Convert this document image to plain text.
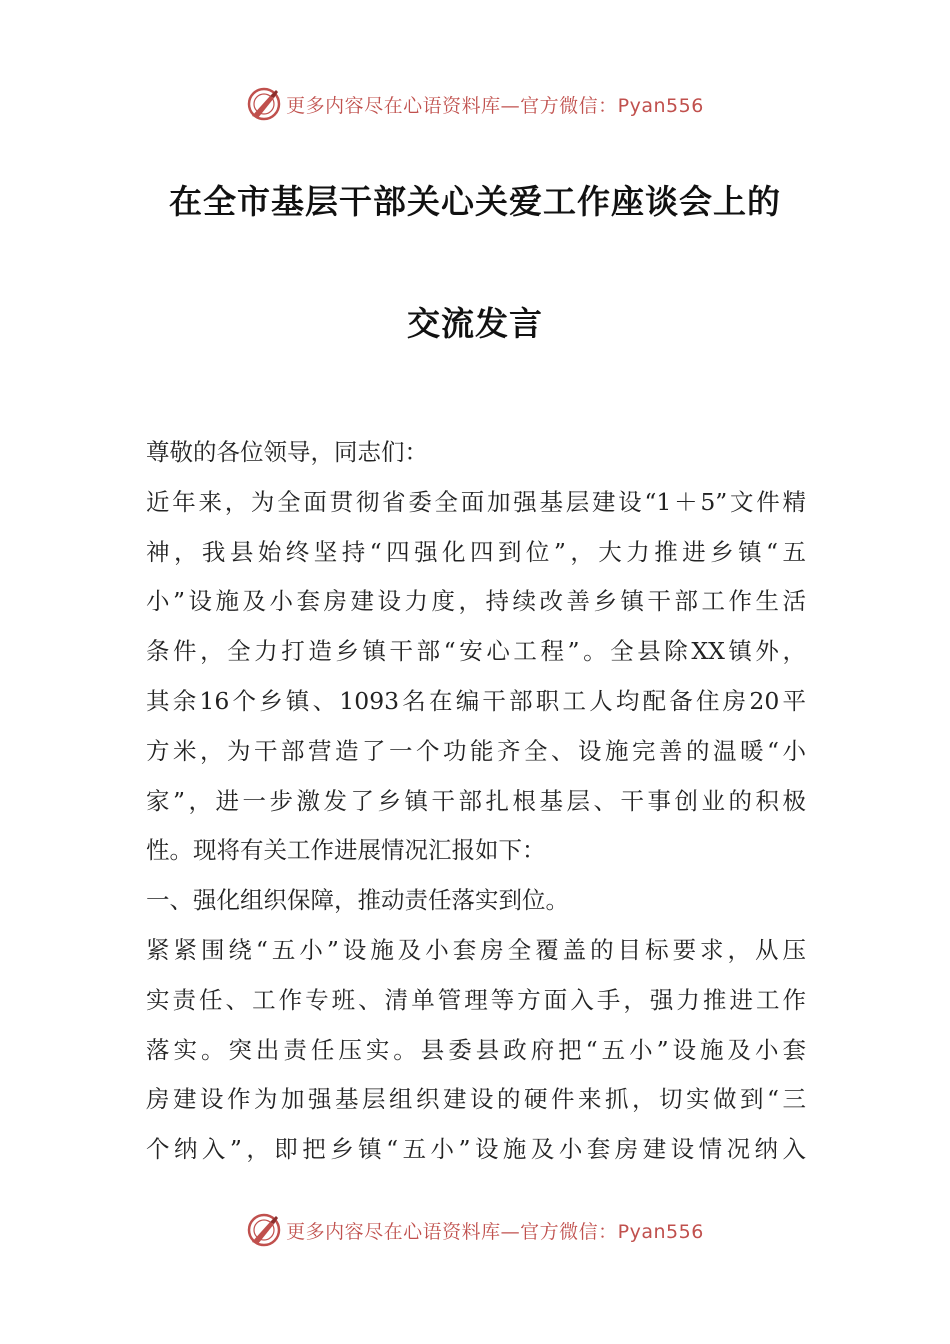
更多内容尽在心语资料库—官方微信：Pyan556
在全市基层干部关心关爱工作座谈会上的
交流发言
尊敬的各位领导，同志们：
近年来，为全面贯彻省委全面加强基层建设“1＋5”文件精
神，我县始终坚持“四强化四到位”，大力推进乡镇“五
小”设施及小套房建设力度，持续改善乡镇干部工作生活
条件，全力打造乡镇干部“安心工程”。全县除XX镇外，
其余16个乡镇、1093名在编干部职工人均配备住房20平
方米，为干部营造了一个功能齐全、设施完善的温暖“小
家”，进一步激发了乡镇干部扎根基层、干事创业的积极
性。现将有关工作进展情况汇报如下：
一、强化组织保障，推动责任落实到位。
紧紧围绕“五小”设施及小套房全覆盖的目标要求，从压
实责任、工作专班、清单管理等方面入手，强力推进工作
落实。突出责任压实。县委县政府把“五小”设施及小套
房建设作为加强基层组织建设的硬件来抓，切实做到“三
个纳入”，即把乡镇“五小”设施及小套房建设情况纳入
更多内容尽在心语资料库—官方微信：Pyan556
